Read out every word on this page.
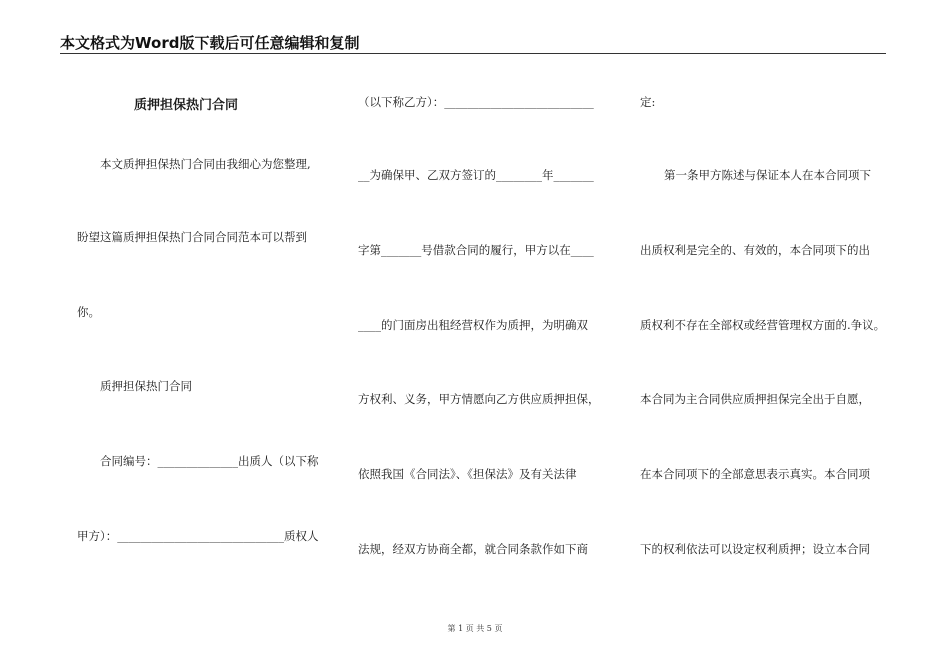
本文格式为Word版下载后可任意编辑和复制
质押担保热门合同
本文质押担保热门合同由我细心为您整理,
盼望这篇质押担保热门合同合同范本可以帮到
你。
质押担保热门合同
合同编号：______________出质人（以下称
甲方）：_____________________________质权人
（以下称乙方）：__________________________
__为确保甲、乙双方签订的________年_______
字第_______号借款合同的履行，甲方以在____
____的门面房出租经营权作为质押，为明确双
方权利、义务，甲方情愿向乙方供应质押担保，
依照我国《合同法》、《担保法》及有关法律
法规，经双方协商全都，就合同条款作如下商
定:
第一条甲方陈述与保证本人在本合同项下
出质权利是完全的、有效的，本合同项下的出
质权利不存在全部权或经营管理权方面的.争议。
本合同为主合同供应质押担保完全出于自愿，
在本合同项下的全部意思表示真实。本合同项
下的权利依法可以设定权利质押；设立本合同
第 1 页 共 5 页
